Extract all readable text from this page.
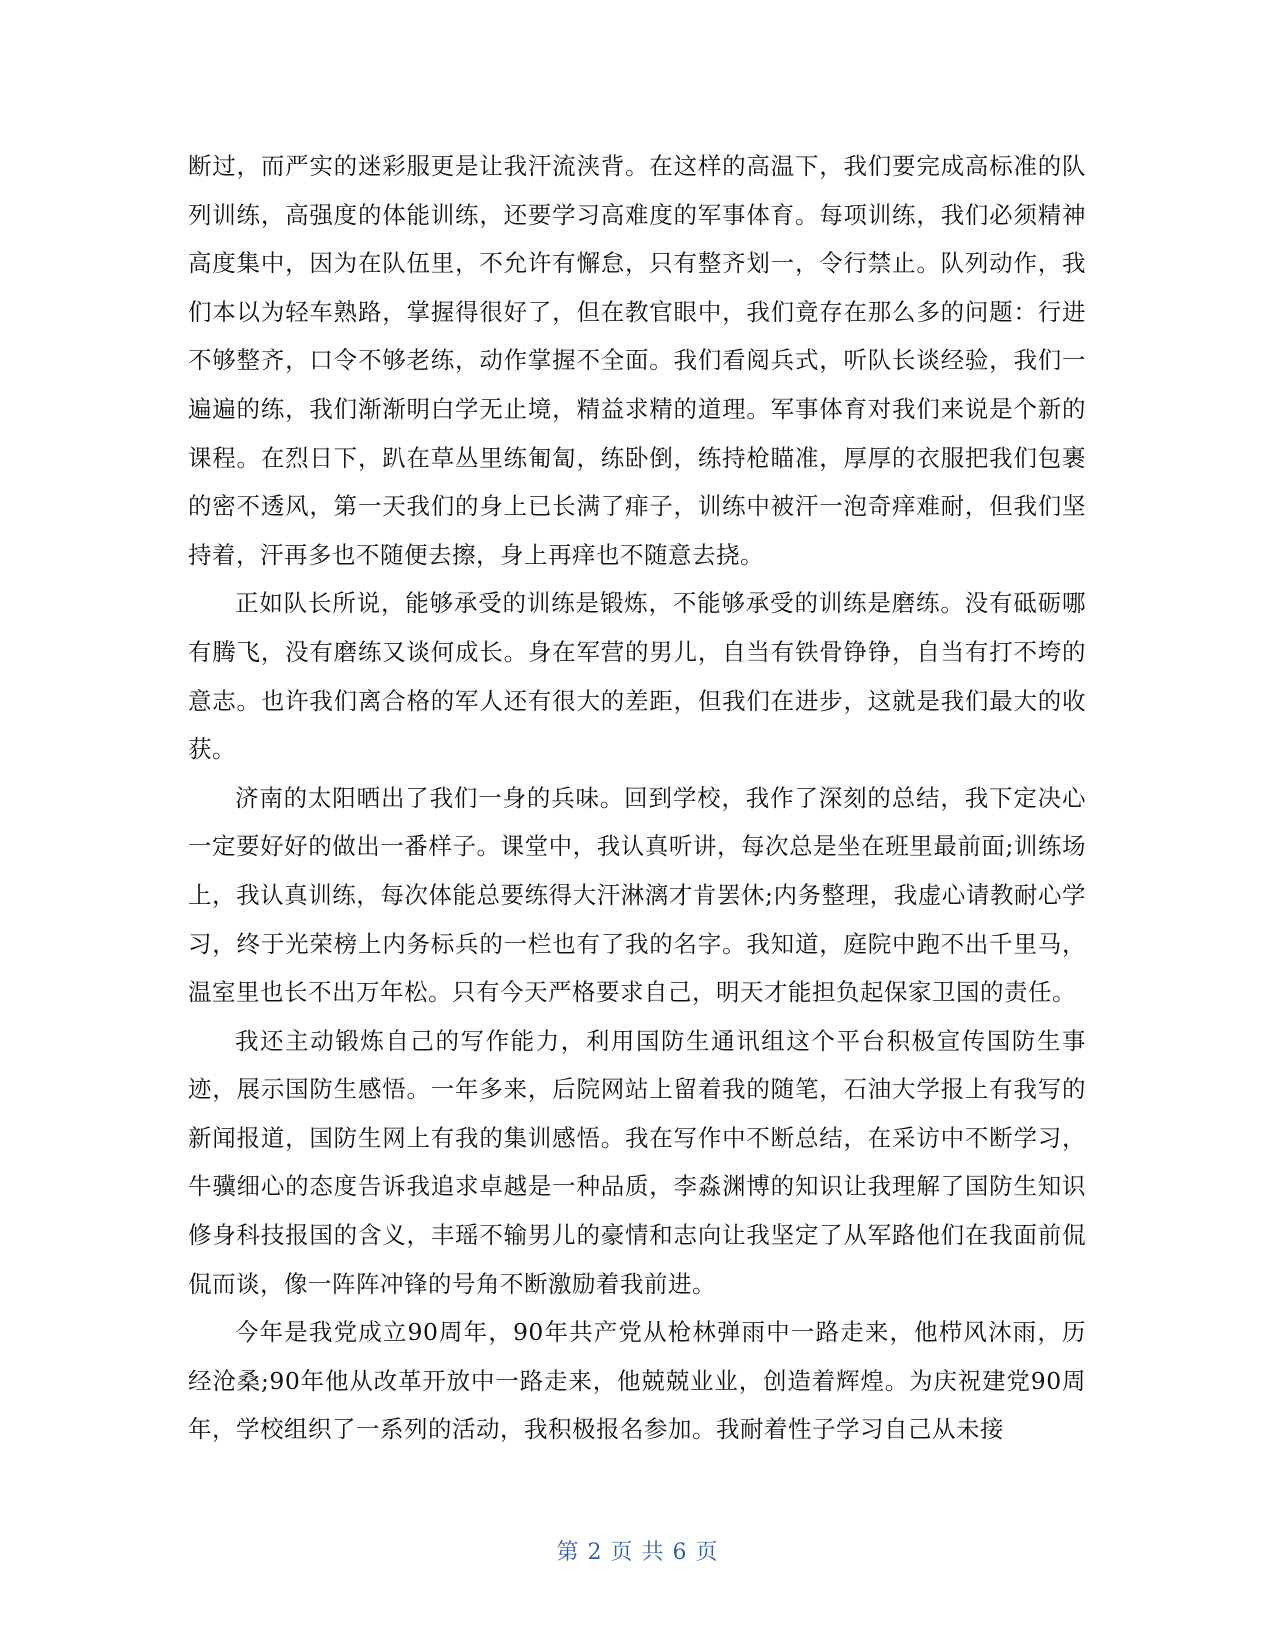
断过，而严实的迷彩服更是让我汗流浃背。在这样的高温下，我们要完成高标准的队列训练，高强度的体能训练，还要学习高难度的军事体育。每项训练，我们必须精神高度集中，因为在队伍里，不允许有懈怠，只有整齐划一，令行禁止。队列动作，我们本以为轻车熟路，掌握得很好了，但在教官眼中，我们竟存在那么多的问题：行进不够整齐，口令不够老练，动作掌握不全面。我们看阅兵式，听队长谈经验，我们一遍遍的练，我们渐渐明白学无止境，精益求精的道理。军事体育对我们来说是个新的课程。在烈日下，趴在草丛里练匍匐，练卧倒，练持枪瞄准，厚厚的衣服把我们包裹的密不透风，第一天我们的身上已长满了痱子，训练中被汗一泡奇痒难耐，但我们坚持着，汗再多也不随便去擦，身上再痒也不随意去挠。

正如队长所说，能够承受的训练是锻炼，不能够承受的训练是磨练。没有砥砺哪有腾飞，没有磨练又谈何成长。身在军营的男儿，自当有铁骨铮铮，自当有打不垮的意志。也许我们离合格的军人还有很大的差距，但我们在进步，这就是我们最大的收获。

济南的太阳晒出了我们一身的兵味。回到学校，我作了深刻的总结，我下定决心一定要好好的做出一番样子。课堂中，我认真听讲，每次总是坐在班里最前面;训练场上，我认真训练，每次体能总要练得大汗淋漓才肯罢休;内务整理，我虚心请教耐心学习，终于光荣榜上内务标兵的一栏也有了我的名字。我知道，庭院中跑不出千里马，温室里也长不出万年松。只有今天严格要求自己，明天才能担负起保家卫国的责任。

我还主动锻炼自己的写作能力，利用国防生通讯组这个平台积极宣传国防生事迹，展示国防生感悟。一年多来，后院网站上留着我的随笔，石油大学报上有我写的新闻报道，国防生网上有我的集训感悟。我在写作中不断总结，在采访中不断学习，牛骥细心的态度告诉我追求卓越是一种品质，李淼渊博的知识让我理解了国防生知识修身科技报国的含义，丰瑶不输男儿的豪情和志向让我坚定了从军路他们在我面前侃侃而谈，像一阵阵冲锋的号角不断激励着我前进。

今年是我党成立90周年，90年共产党从枪林弹雨中一路走来，他栉风沐雨，历经沧桑;90年他从改革开放中一路走来，他兢兢业业，创造着辉煌。为庆祝建党90周年，学校组织了一系列的活动，我积极报名参加。我耐着性子学习自己从未接

第 2 页 共 6 页
